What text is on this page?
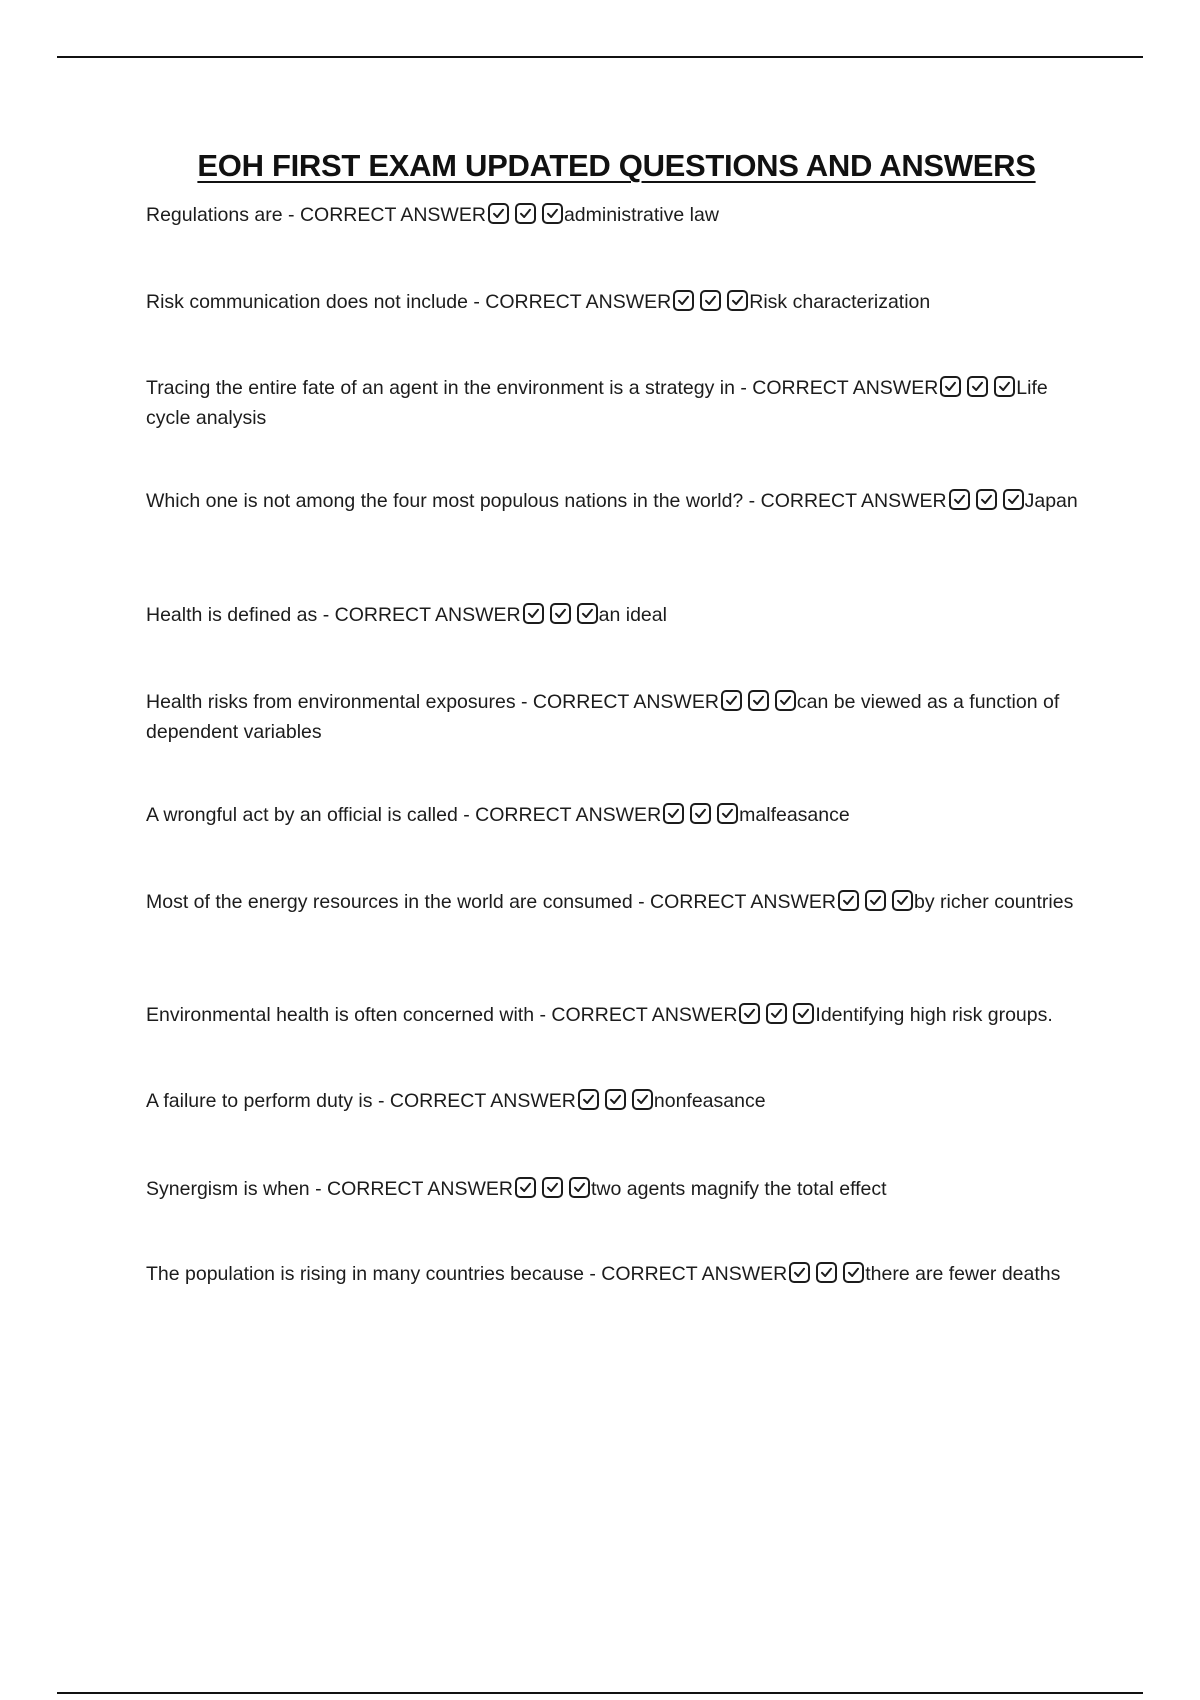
EOH FIRST EXAM UPDATED QUESTIONS AND ANSWERS
Regulations are - CORRECT ANSWER	administrative law
Risk communication does not include - CORRECT ANSWER	Risk characterization
Tracing the entire fate of an agent in the environment is a strategy in - CORRECT ANSWER	Life cycle analysis
Which one is not among the four most populous nations in the world? - CORRECT ANSWER	Japan
Health is defined as - CORRECT ANSWER	an ideal
Health risks from environmental exposures - CORRECT ANSWER	can be viewed as a function of dependent variables
A wrongful act by an official is called - CORRECT ANSWER	malfeasance
Most of the energy resources in the world are consumed - CORRECT ANSWER	by richer countries
Environmental health is often concerned with - CORRECT ANSWER	Identifying high risk groups.
A failure to perform duty is - CORRECT ANSWER	nonfeasance
Synergism is when - CORRECT ANSWER	two agents magnify the total effect
The population is rising in many countries because - CORRECT ANSWER	there are fewer deaths
